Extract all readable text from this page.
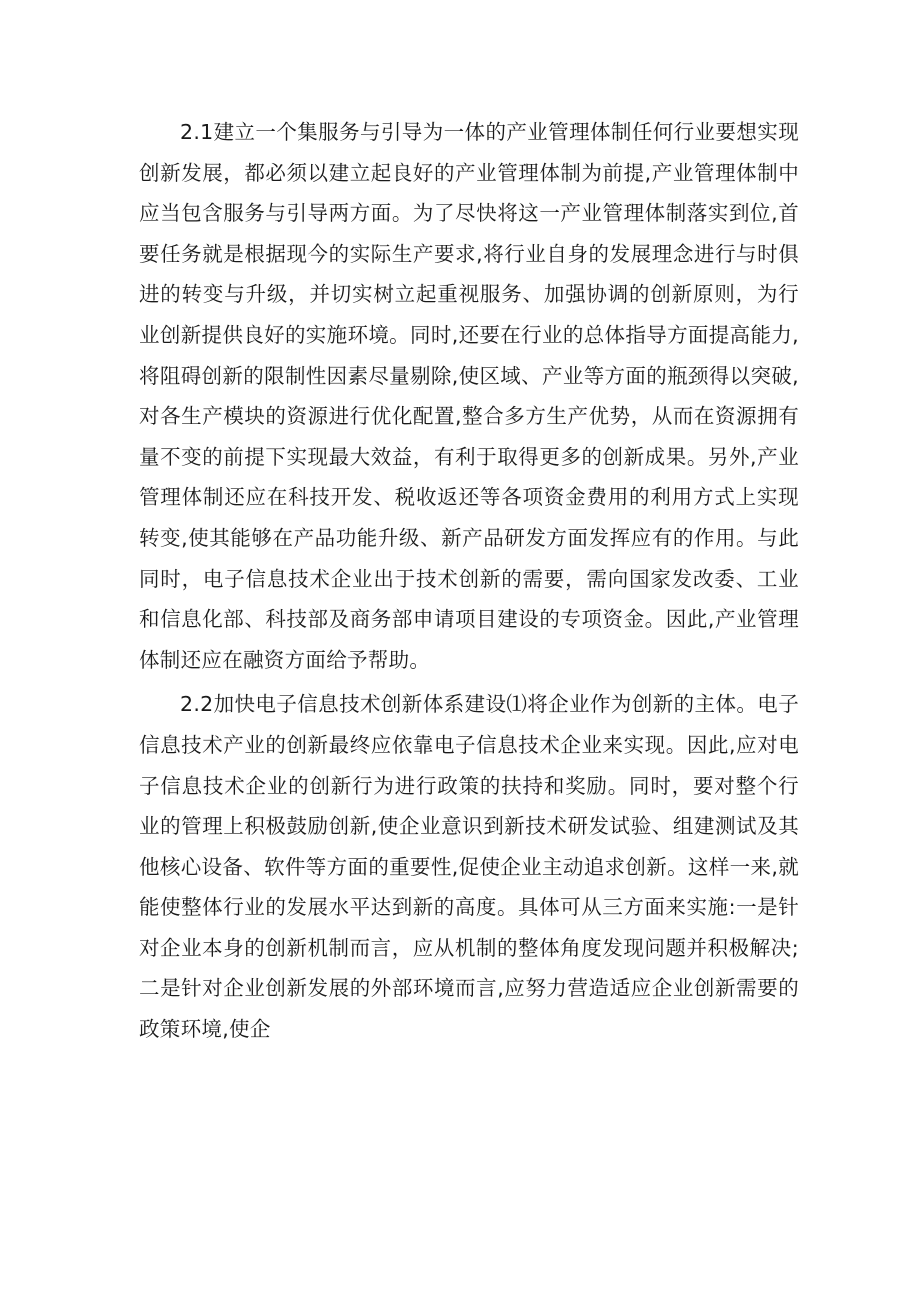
2.1建立一个集服务与引导为一体的产业管理体制任何行业要想实现创新发展，都必须以建立起良好的产业管理体制为前提,产业管理体制中应当包含服务与引导两方面。为了尽快将这一产业管理体制落实到位,首要任务就是根据现今的实际生产要求,将行业自身的发展理念进行与时俱进的转变与升级，并切实树立起重视服务、加强协调的创新原则，为行业创新提供良好的实施环境。同时,还要在行业的总体指导方面提高能力,将阻碍创新的限制性因素尽量剔除,使区域、产业等方面的瓶颈得以突破,对各生产模块的资源进行优化配置,整合多方生产优势，从而在资源拥有量不变的前提下实现最大效益，有利于取得更多的创新成果。另外,产业管理体制还应在科技开发、税收返还等各项资金费用的利用方式上实现转变,使其能够在产品功能升级、新产品研发方面发挥应有的作用。与此同时，电子信息技术企业出于技术创新的需要，需向国家发改委、工业和信息化部、科技部及商务部申请项目建设的专项资金。因此,产业管理体制还应在融资方面给予帮助。

2.2加快电子信息技术创新体系建设⑴将企业作为创新的主体。电子信息技术产业的创新最终应依靠电子信息技术企业来实现。因此,应对电子信息技术企业的创新行为进行政策的扶持和奖励。同时，要对整个行业的管理上积极鼓励创新,使企业意识到新技术研发试验、组建测试及其他核心设备、软件等方面的重要性,促使企业主动追求创新。这样一来,就能使整体行业的发展水平达到新的高度。具体可从三方面来实施:一是针对企业本身的创新机制而言，应从机制的整体角度发现问题并积极解决;二是针对企业创新发展的外部环境而言,应努力营造适应企业创新需要的政策环境,使企
